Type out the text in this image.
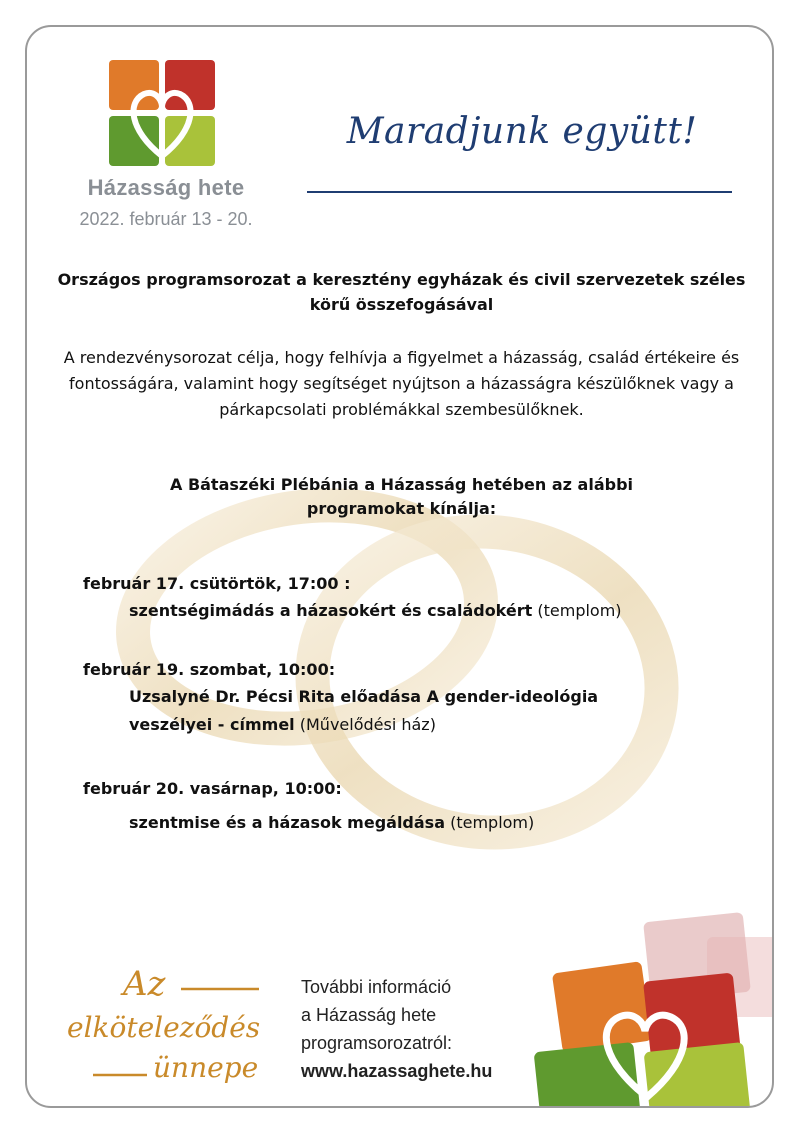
Házasság hete
2022. február 13 - 20.
Maradjunk együtt!
Országos programsorozat a keresztény egyházak és civil szervezetek széles körű összefogásával
A rendezvénysorozat célja, hogy felhívja a figyelmet a házasság, család értékeire és fontosságára, valamint hogy segítséget nyújtson a házasságra készülőknek vagy a párkapcsolati problémákkal szembesülőknek.
A Bátaszéki Plébánia a Házasság hetében az alábbi
programokat kínálja:
február 17. csütörtök, 17:00 :
szentségimádás a házasokért és családokért (templom)
február 19. szombat, 10:00:
Uzsalyné Dr. Pécsi Rita előadása A gender-ideológia
veszélyei - címmel (Művelődési ház)
február 20. vasárnap, 10:00:
szentmise és a házasok megáldása (templom)
Az
elköteleződés
ünnepe
További információ
a Házasság hete
programsorozatról:
www.hazassaghete.hu
